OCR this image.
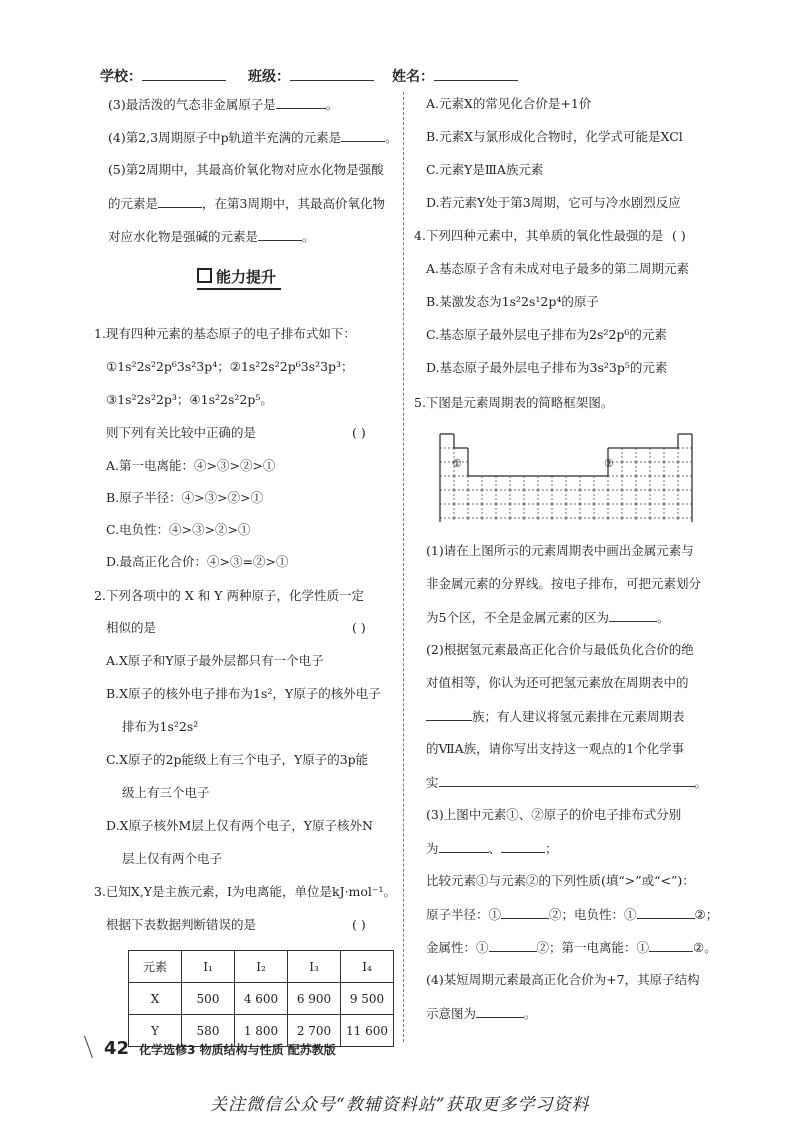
学校：	班级：	姓名：
(3)最活泼的气态非金属原子是	。
(4)第2,3周期原子中p轨道半充满的元素是	。
(5)第2周期中，其最高价氧化物对应水化物是强酸
的元素是	，在第3周期中，其最高价氧化物
对应水化物是强碱的元素是	。
能力提升
1.现有四种元素的基态原子的电子排布式如下：
①1s²2s²2p⁶3s²3p⁴；②1s²2s²2p⁶3s²3p³；
③1s²2s²2p³；④1s²2s²2p⁵。
则下列有关比较中正确的是	( )
A.第一电离能：④>③>②>①
B.原子半径：④>③>②>①
C.电负性：④>③>②>①
D.最高正化合价：④>③=②>①
2.下列各项中的 X 和 Y 两种原子，化学性质一定
相似的是	( )
A.X原子和Y原子最外层都只有一个电子
B.X原子的核外电子排布为1s²，Y原子的核外电子
排布为1s²2s²
C.X原子的2p能级上有三个电子，Y原子的3p能
级上有三个电子
D.X原子核外M层上仅有两个电子，Y原子核外N
层上仅有两个电子
3.已知X,Y是主族元素，I为电离能，单位是kJ·mol⁻¹。
根据下表数据判断错误的是	( )
元素	I₁	I₂	I₃	I₄
X	500	4 600	6 900	9 500
Y	580	1 800	2 700	11 600
A.元素X的常见化合价是+1价
B.元素X与氯形成化合物时，化学式可能是XCl
C.元素Y是ⅢA族元素
D.若元素Y处于第3周期，它可与冷水剧烈反应
4.下列四种元素中，其单质的氧化性最强的是 ( )
A.基态原子含有未成对电子最多的第二周期元素
B.某激发态为1s²2s¹2p⁴的原子
C.基态原子最外层电子排布为2s²2p⁶的元素
D.基态原子最外层电子排布为3s²3p⁵的元素
5.下图是元素周期表的简略框架图。
①	②
(1)请在上图所示的元素周期表中画出金属元素与
非金属元素的分界线。按电子排布，可把元素划分
为5个区，不全是金属元素的区为	。
(2)根据氢元素最高正化合价与最低负化合价的绝
对值相等，你认为还可把氢元素放在周期表中的
族；有人建议将氢元素排在元素周期表
的ⅦA族，请你写出支持这一观点的1个化学事
实	。
(3)上图中元素①、②原子的价电子排布式分别
为	、	；
比较元素①与元素②的下列性质(填“>”或“<”)：
原子半径：①	②；电负性：①	②；
金属性：①	②；第一电离能：①	②。
(4)某短周期元素最高正化合价为+7，其原子结构
示意图为	。
42 化学选修3 物质结构与性质 配苏教版
关注微信公众号“教辅资料站”获取更多学习资料
